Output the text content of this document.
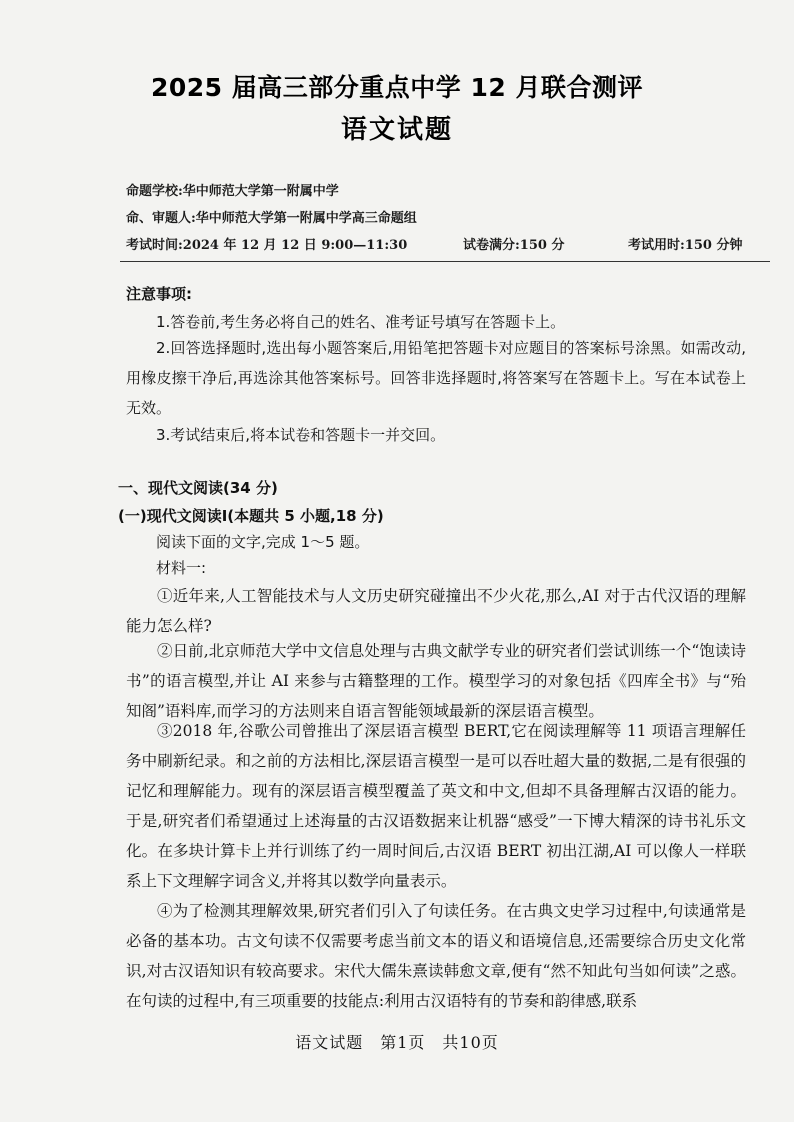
2025 届高三部分重点中学 12 月联合测评
语文试题
命题学校:华中师范大学第一附属中学
命、审题人:华中师范大学第一附属中学高三命题组
考试时间:2024 年 12 月 12 日 9:00—11:30	试卷满分:150 分	考试用时:150 分钟
注意事项:
1.答卷前,考生务必将自己的姓名、准考证号填写在答题卡上。
2.回答选择题时,选出每小题答案后,用铅笔把答题卡对应题目的答案标号涂黑。如需改动,用橡皮擦干净后,再选涂其他答案标号。回答非选择题时,将答案写在答题卡上。写在本试卷上无效。
3.考试结束后,将本试卷和答题卡一并交回。
一、现代文阅读(34 分)
(一)现代文阅读Ⅰ(本题共 5 小题,18 分)
阅读下面的文字,完成 1～5 题。
材料一:
①近年来,人工智能技术与人文历史研究碰撞出不少火花,那么,AI 对于古代汉语的理解能力怎么样?
②日前,北京师范大学中文信息处理与古典文献学专业的研究者们尝试训练一个“饱读诗书”的语言模型,并让 AI 来参与古籍整理的工作。模型学习的对象包括《四库全书》与“殆知阁”语料库,而学习的方法则来自语言智能领域最新的深层语言模型。
③2018 年,谷歌公司曾推出了深层语言模型 BERT,它在阅读理解等 11 项语言理解任务中刷新纪录。和之前的方法相比,深层语言模型一是可以吞吐超大量的数据,二是有很强的记忆和理解能力。现有的深层语言模型覆盖了英文和中文,但却不具备理解古汉语的能力。于是,研究者们希望通过上述海量的古汉语数据来让机器“感受”一下博大精深的诗书礼乐文化。在多块计算卡上并行训练了约一周时间后,古汉语 BERT 初出江湖,AI 可以像人一样联系上下文理解字词含义,并将其以数学向量表示。
④为了检测其理解效果,研究者们引入了句读任务。在古典文史学习过程中,句读通常是必备的基本功。古文句读不仅需要考虑当前文本的语义和语境信息,还需要综合历史文化常识,对古汉语知识有较高要求。宋代大儒朱熹读韩愈文章,便有“然不知此句当如何读”之惑。在句读的过程中,有三项重要的技能点:利用古汉语特有的节奏和韵律感,联系
语文试题　第1页　共10页
